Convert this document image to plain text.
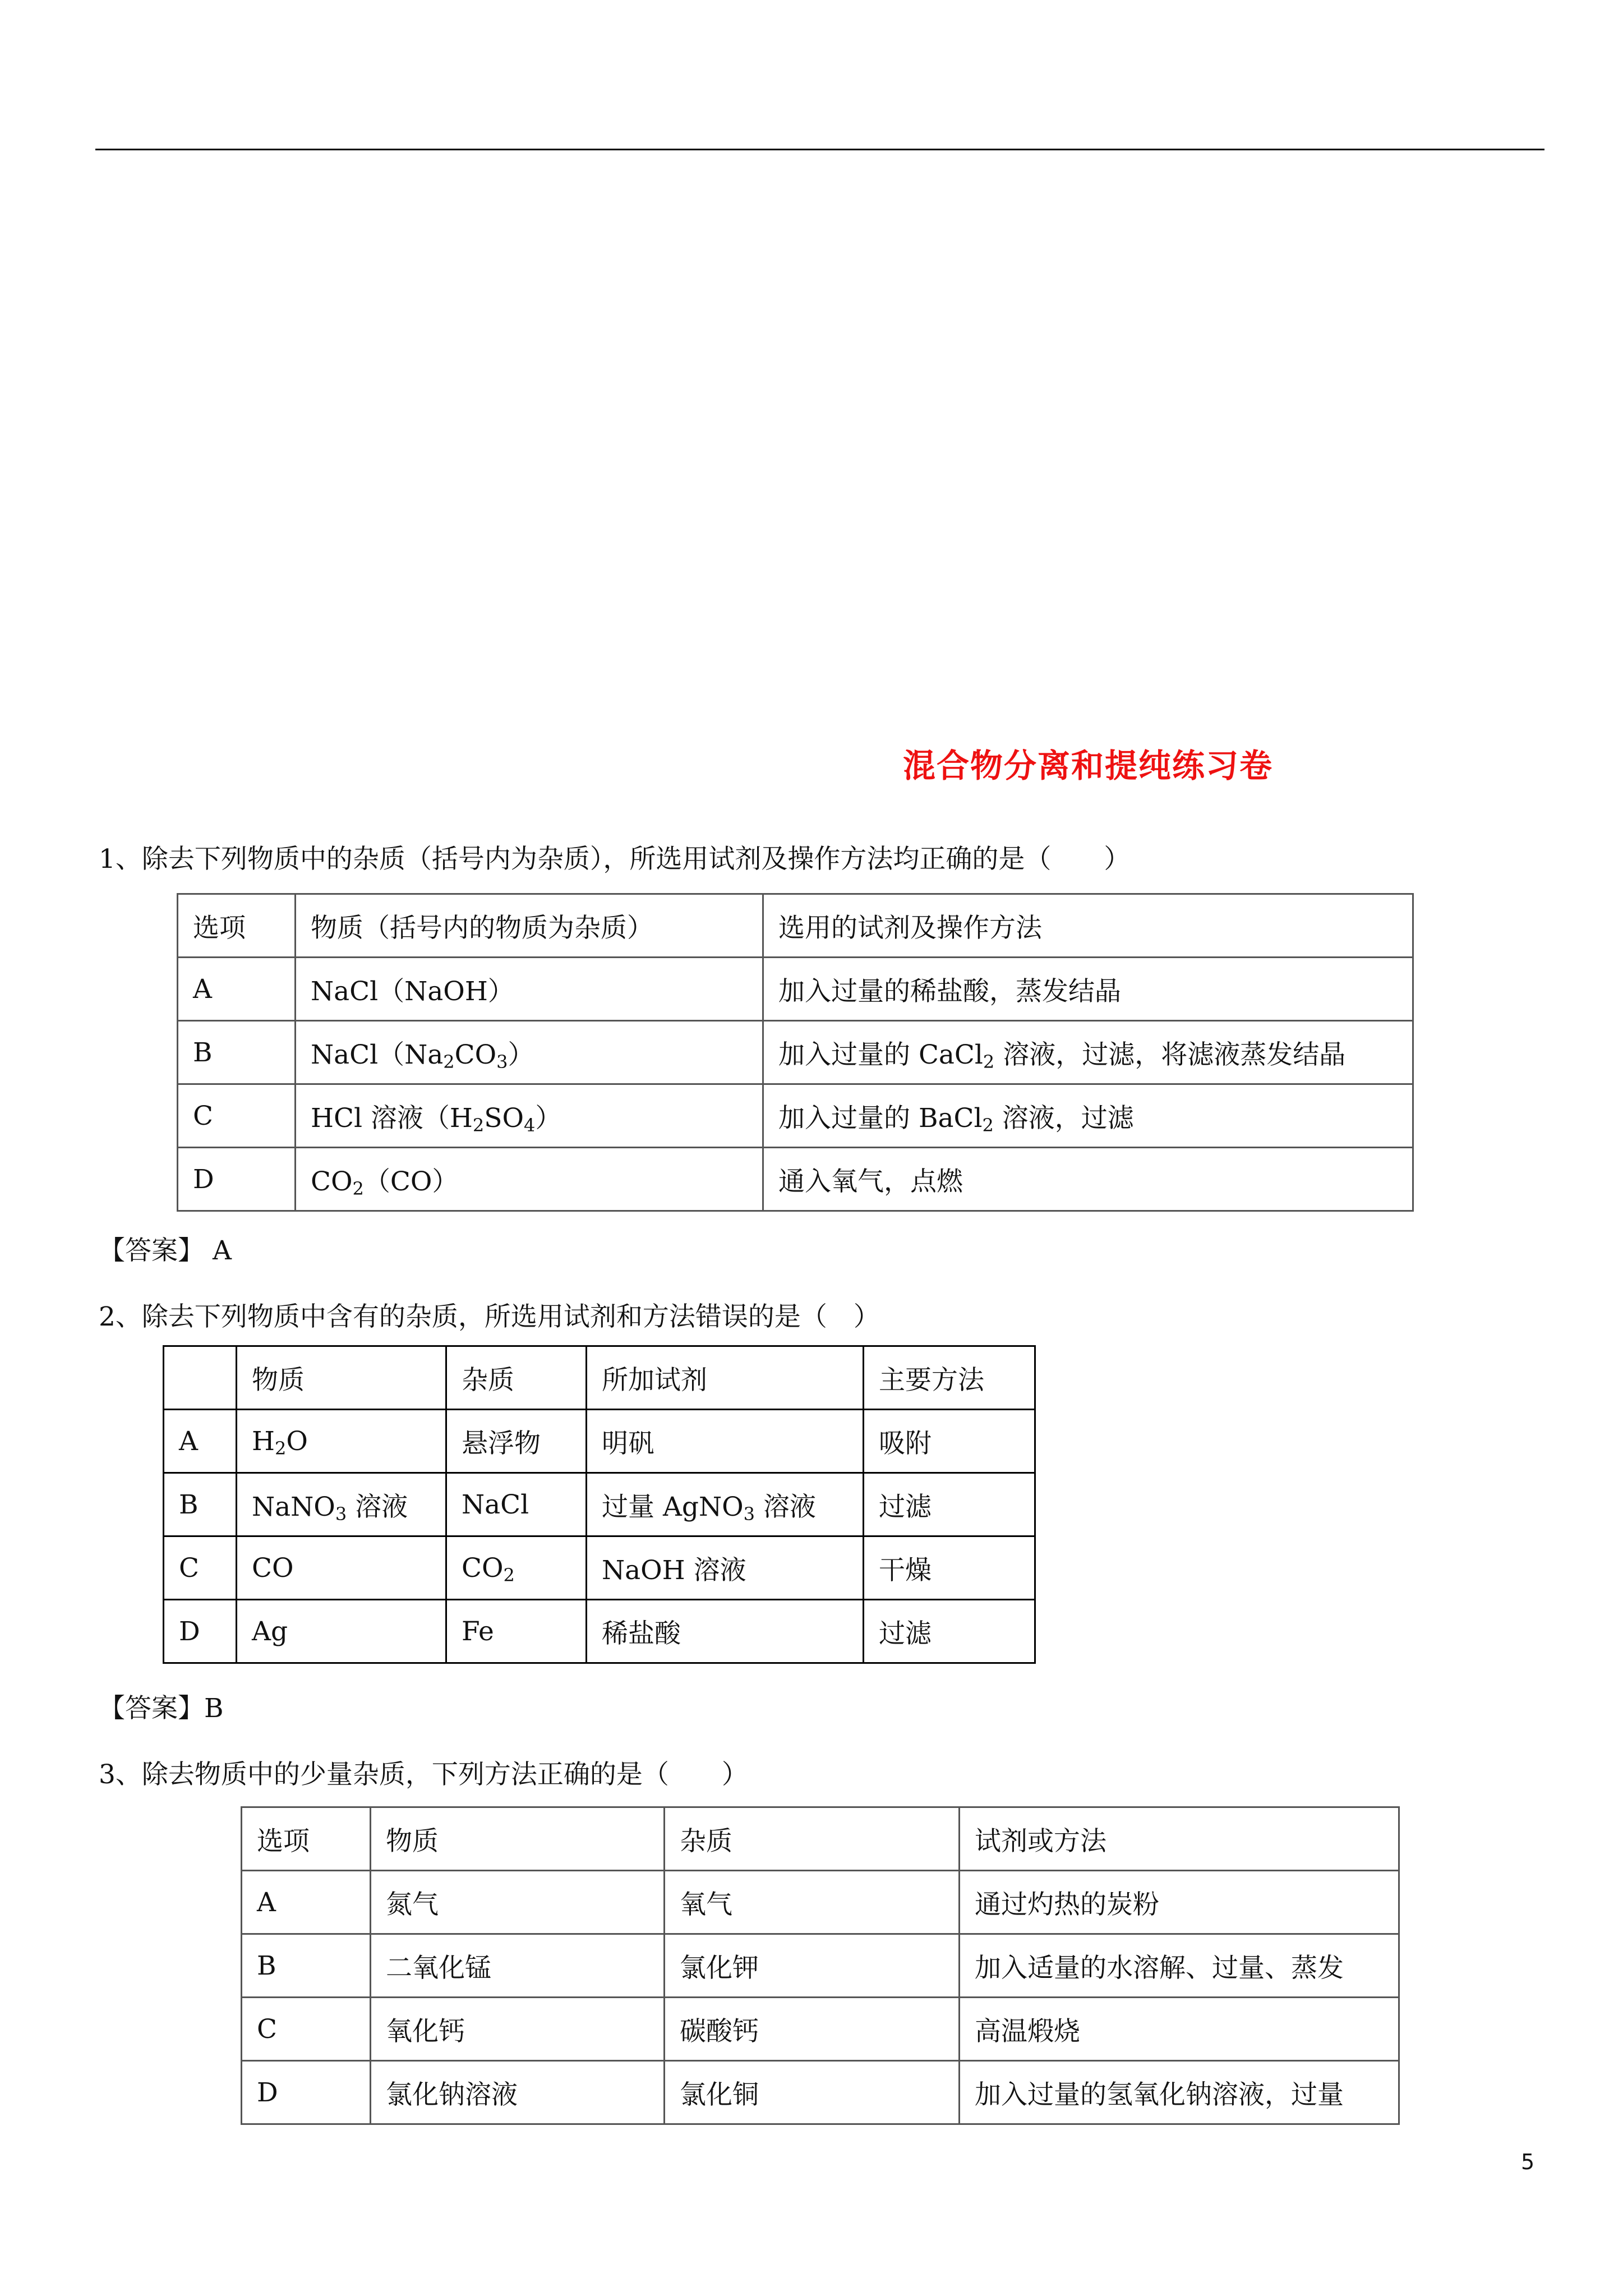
混合物分离和提纯练习卷
1、除去下列物质中的杂质（括号内为杂质），所选用试剂及操作方法均正确的是（　　）
选项	物质（括号内的物质为杂质）	选用的试剂及操作方法
A	NaCl（NaOH）	加入过量的稀盐酸，蒸发结晶
B	$NaCl(Na_2CO_3)$	加入过量的 CaCl$_2$ 溶液，过滤，将滤液蒸发结晶
C	HCl 溶液$(H_2SO_4)$	加入过量的 BaCl$_2$ 溶液，过滤
D	$CO_2(CO)$	通入氧气，点燃
【答案】 A
2、除去下列物质中含有的杂质，所选用试剂和方法错误的是（　）
	物质	杂质	所加试剂	主要方法
A	$H_2O$	悬浮物	明矾	吸附
B	NaNO$_3$ 溶液	NaCl	过量 AgNO$_3$ 溶液	过滤
C	CO	$CO_2$	NaOH 溶液	干燥
D	Ag	Fe	稀盐酸	过滤
【答案】B
3、除去物质中的少量杂质，下列方法正确的是（　　）
选项	物质	杂质	试剂或方法
A	氮气	氧气	通过灼热的炭粉
B	二氧化锰	氯化钾	加入适量的水溶解、过量、蒸发
C	氧化钙	碳酸钙	高温煅烧
D	氯化钠溶液	氯化铜	加入过量的氢氧化钠溶液，过量
5
